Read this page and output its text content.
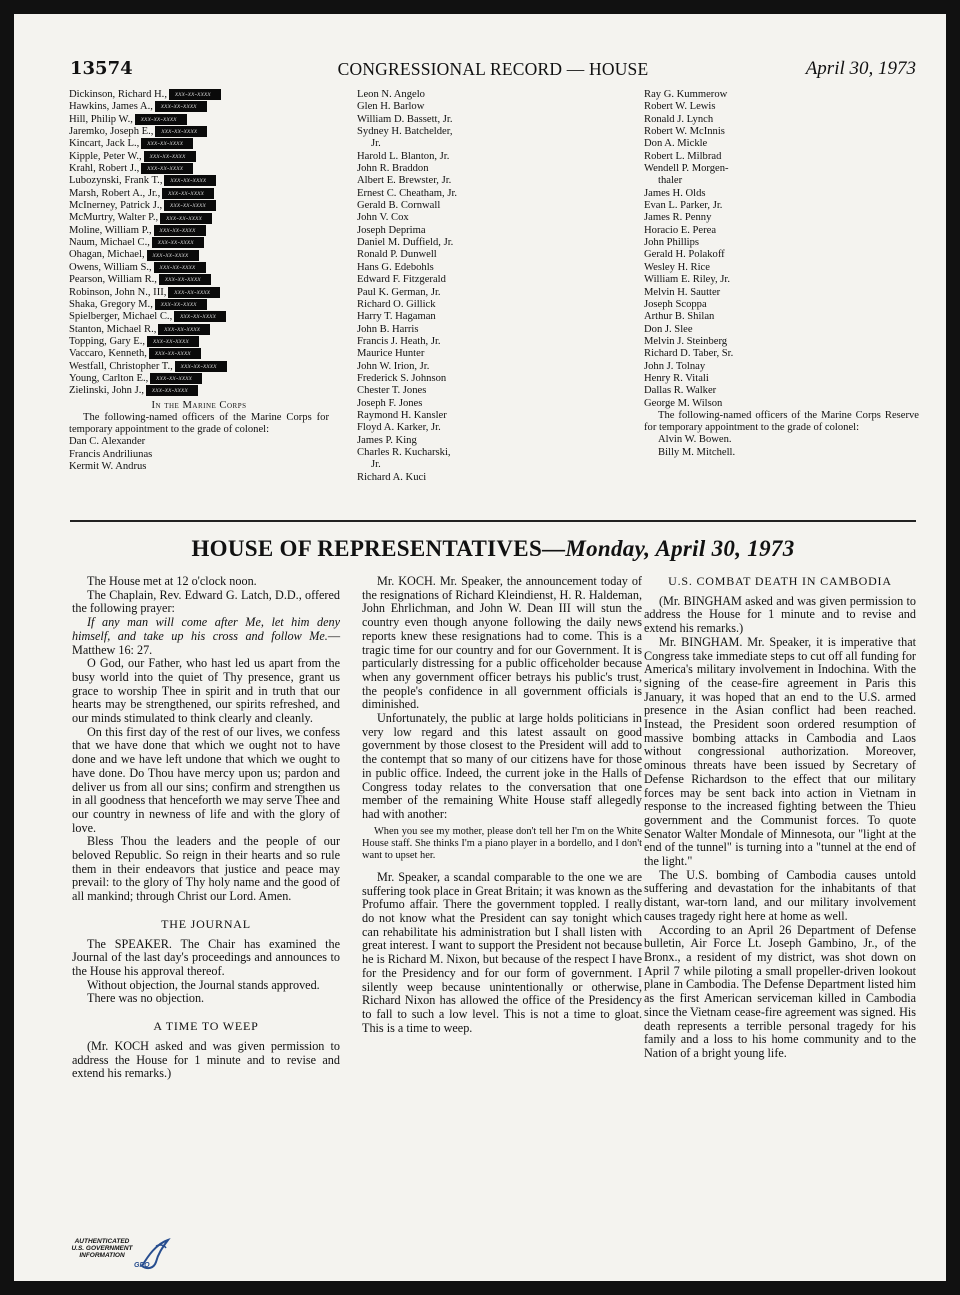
13574	CONGRESSIONAL RECORD — HOUSE	April 30, 1973
Dickinson, Richard H., xxx-xx-xxxx
Hawkins, James A., xxx-xx-xxxx
Hill, Philip W., xxx-xx-xxxx
Jaremko, Joseph E., xxx-xx-xxxx
Kincart, Jack L., xxx-xx-xxxx
Kipple, Peter W., xxx-xx-xxxx
Krahl, Robert J., xxx-xx-xxxx
Lubozynski, Frank T., xxx-xx-xxxx
Marsh, Robert A., Jr., xxx-xx-xxxx
McInerney, Patrick J., xxx-xx-xxxx
McMurtry, Walter P., xxx-xx-xxxx
Moline, William P., xxx-xx-xxxx
Naum, Michael C., xxx-xx-xxxx
Ohagan, Michael, xxx-xx-xxxx
Owens, William S., xxx-xx-xxxx
Pearson, William R., xxx-xx-xxxx
Robinson, John N., III, xxx-xx-xxxx
Shaka, Gregory M., xxx-xx-xxxx
Spielberger, Michael C., xxx-xx-xxxx
Stanton, Michael R., xxx-xx-xxxx
Topping, Gary E., xxx-xx-xxxx
Vaccaro, Kenneth, xxx-xx-xxxx
Westfall, Christopher T., xxx-xx-xxxx
Young, Carlton E., xxx-xx-xxxx
Zielinski, John J., xxx-xx-xxxx
In the Marine Corps
The following-named officers of the Marine Corps for temporary appointment to the grade of colonel:
Dan C. Alexander
Francis Andriliunas
Kermit W. Andrus
Leon N. Angelo
Glen H. Barlow
William D. Bassett, Jr.
Sydney H. Batchelder,
Jr.
Harold L. Blanton, Jr.
John R. Braddon
Albert E. Brewster, Jr.
Ernest C. Cheatham, Jr.
Gerald B. Cornwall
John V. Cox
Joseph Deprima
Daniel M. Duffield, Jr.
Ronald P. Dunwell
Hans G. Edebohls
Edward F. Fitzgerald
Paul K. German, Jr.
Richard O. Gillick
Harry T. Hagaman
John B. Harris
Francis J. Heath, Jr.
Maurice Hunter
John W. Irion, Jr.
Frederick S. Johnson
Chester T. Jones
Joseph F. Jones
Raymond H. Kansler
Floyd A. Karker, Jr.
James P. King
Charles R. Kucharski,
Jr.
Richard A. Kuci
Ray G. Kummerow
Robert W. Lewis
Ronald J. Lynch
Robert W. McInnis
Don A. Mickle
Robert L. Milbrad
Wendell P. Morgen-
thaler
James H. Olds
Evan L. Parker, Jr.
James R. Penny
Horacio E. Perea
John Phillips
Gerald H. Polakoff
Wesley H. Rice
William E. Riley, Jr.
Melvin H. Sautter
Joseph Scoppa
Arthur B. Shilan
Don J. Slee
Melvin J. Steinberg
Richard D. Taber, Sr.
John J. Tolnay
Henry R. Vitali
Dallas R. Walker
George M. Wilson
The following-named officers of the Marine Corps Reserve for temporary appointment to the grade of colonel:
Alvin W. Bowen.
Billy M. Mitchell.
HOUSE OF REPRESENTATIVES—Monday, April 30, 1973

The House met at 12 o'clock noon.

The Chaplain, Rev. Edward G. Latch, D.D., offered the following prayer:

If any man will come after Me, let him deny himself, and take up his cross and follow Me.—Matthew 16: 27.

O God, our Father, who hast led us apart from the busy world into the quiet of Thy presence, grant us grace to worship Thee in spirit and in truth that our hearts may be strengthened, our spirits refreshed, and our minds stimulated to think clearly and cleanly.

On this first day of the rest of our lives, we confess that we have done that which we ought not to have done and we have left undone that which we ought to have done. Do Thou have mercy upon us; pardon and deliver us from all our sins; confirm and strengthen us in all goodness that henceforth we may serve Thee and our country in newness of life and with the glory of love.

Bless Thou the leaders and the people of our beloved Republic. So reign in their hearts and so rule them in their endeavors that justice and peace may prevail: to the glory of Thy holy name and the good of all mankind; through Christ our Lord. Amen.

THE JOURNAL

The SPEAKER. The Chair has examined the Journal of the last day's proceedings and announces to the House his approval thereof.

Without objection, the Journal stands approved.

There was no objection.

A TIME TO WEEP

(Mr. KOCH asked and was given permission to address the House for 1 minute and to revise and extend his remarks.)

Mr. KOCH. Mr. Speaker, the announcement today of the resignations of Richard Kleindienst, H. R. Haldeman, John Ehrlichman, and John W. Dean III will stun the country even though anyone following the daily news reports knew these resignations had to come. This is a tragic time for our country and for our Government. It is particularly distressing for a public officeholder because when any government officer betrays his public's trust, the people's confidence in all government officials is diminished.

Unfortunately, the public at large holds politicians in very low regard and this latest assault on good government by those closest to the President will add to the contempt that so many of our citizens have for those in public office. Indeed, the current joke in the Halls of Congress today relates to the conversation that one member of the remaining White House staff allegedly had with another:

When you see my mother, please don't tell her I'm on the White House staff. She thinks I'm a piano player in a bordello, and I don't want to upset her.

Mr. Speaker, a scandal comparable to the one we are suffering took place in Great Britain; it was known as the Profumo affair. There the government toppled. I really do not know what the President can say tonight which can rehabilitate his administration but I shall listen with great interest. I want to support the President not because he is Richard M. Nixon, but because of the respect I have for the Presidency and for our form of government. I silently weep because unintentionally or otherwise, Richard Nixon has allowed the office of the Presidency to fall to such a low level. This is not a time to gloat. This is a time to weep.

U.S. COMBAT DEATH IN CAMBODIA

(Mr. BINGHAM asked and was given permission to address the House for 1 minute and to revise and extend his remarks.)

Mr. BINGHAM. Mr. Speaker, it is imperative that Congress take immediate steps to cut off all funding for America's military involvement in Indochina. With the signing of the cease-fire agreement in Paris this January, it was hoped that an end to the U.S. armed presence in the Asian conflict had been reached. Instead, the President soon ordered resumption of massive bombing attacks in Cambodia and Laos without congressional authorization. Moreover, ominous threats have been issued by Secretary of Defense Richardson to the effect that our military forces may be sent back into action in Vietnam in response to the increased fighting between the Thieu government and the Communist forces. To quote Senator Walter Mondale of Minnesota, our "light at the end of the tunnel" is turning into a "tunnel at the end of the light."

The U.S. bombing of Cambodia causes untold suffering and devastation for the inhabitants of that distant, war-torn land, and our military involvement causes tragedy right here at home as well.

According to an April 26 Department of Defense bulletin, Air Force Lt. Joseph Gambino, Jr., of the Bronx., a resident of my district, was shot down on April 7 while piloting a small propeller-driven lookout plane in Cambodia. The Defense Department listed him as the first American serviceman killed in Cambodia since the Vietnam cease-fire agreement was signed. His death represents a terrible personal tragedy for his family and a loss to his home community and to the Nation of a bright young life.

AUTHENTICATED
U.S. GOVERNMENT
INFORMATION
GPO
